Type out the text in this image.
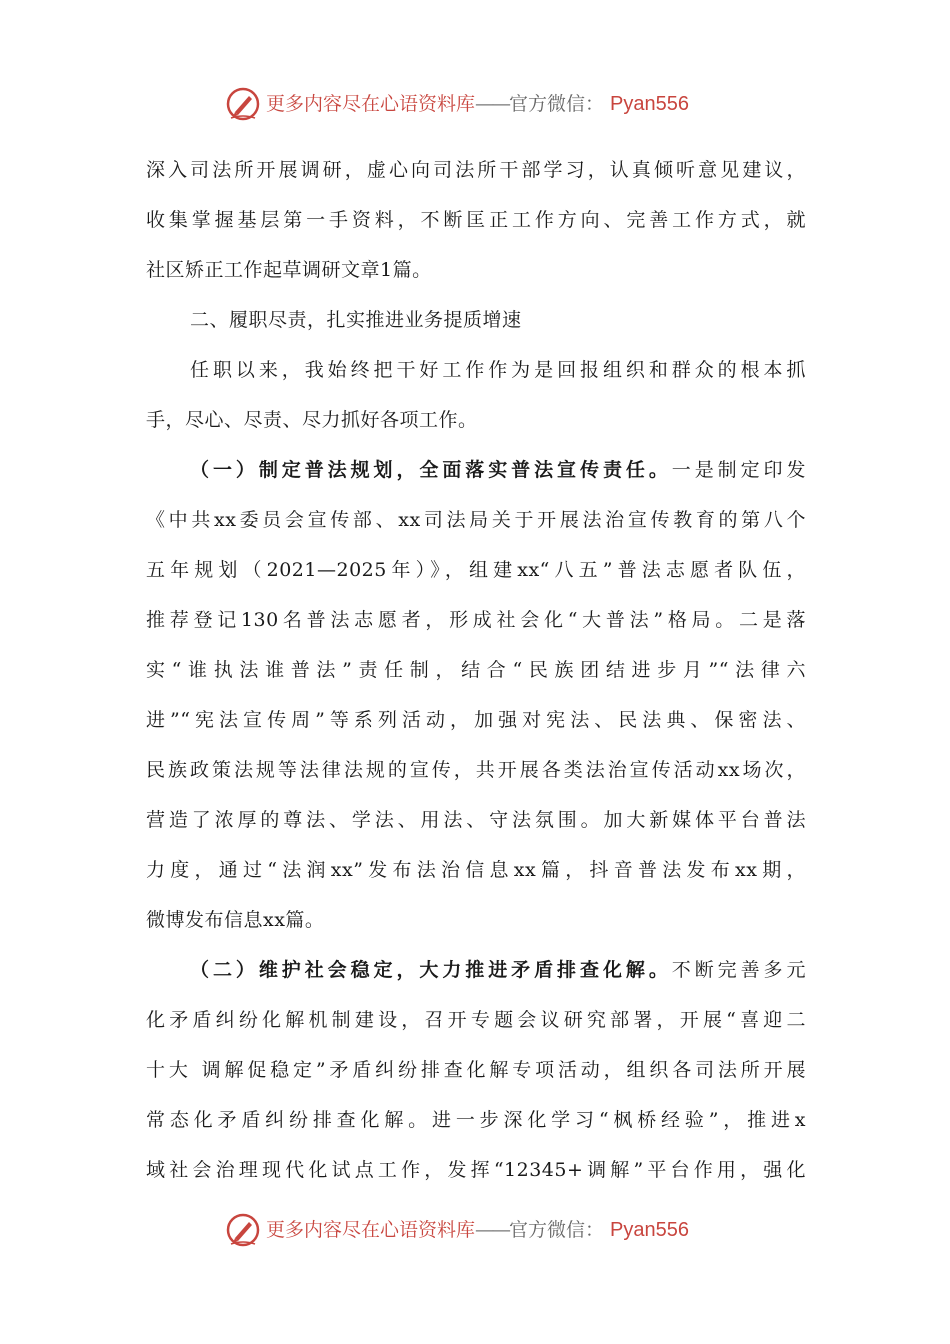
更多内容尽在心语资料库——官方微信： Pyan556
深入司法所开展调研，虚心向司法所干部学习，认真倾听意见建议，
收集掌握基层第一手资料，不断匡正工作方向、完善工作方式，就
社区矫正工作起草调研文章1篇。
二、履职尽责，扎实推进业务提质增速
任职以来，我始终把干好工作作为是回报组织和群众的根本抓
手，尽心、尽责、尽力抓好各项工作。
（一）制定普法规划，全面落实普法宣传责任。一是制定印发
《中共xx委员会宣传部、xx司法局关于开展法治宣传教育的第八个
五年规划（2021—2025年）》，组建xx“八五”普法志愿者队伍，
推荐登记130名普法志愿者，形成社会化“大普法”格局。二是落
实“谁执法谁普法”责任制，结合“民族团结进步月”“法律六
进”“宪法宣传周”等系列活动，加强对宪法、民法典、保密法、
民族政策法规等法律法规的宣传，共开展各类法治宣传活动xx场次，
营造了浓厚的尊法、学法、用法、守法氛围。加大新媒体平台普法
力度，通过“法润xx”发布法治信息xx篇，抖音普法发布xx期，
微博发布信息xx篇。
（二）维护社会稳定，大力推进矛盾排查化解。不断完善多元
化矛盾纠纷化解机制建设，召开专题会议研究部署，开展“喜迎二
十大 调解促稳定”矛盾纠纷排查化解专项活动，组织各司法所开展
常态化矛盾纠纷排查化解。进一步深化学习“枫桥经验”，推进x
域社会治理现代化试点工作，发挥“12345+调解”平台作用，强化
更多内容尽在心语资料库——官方微信： Pyan556
